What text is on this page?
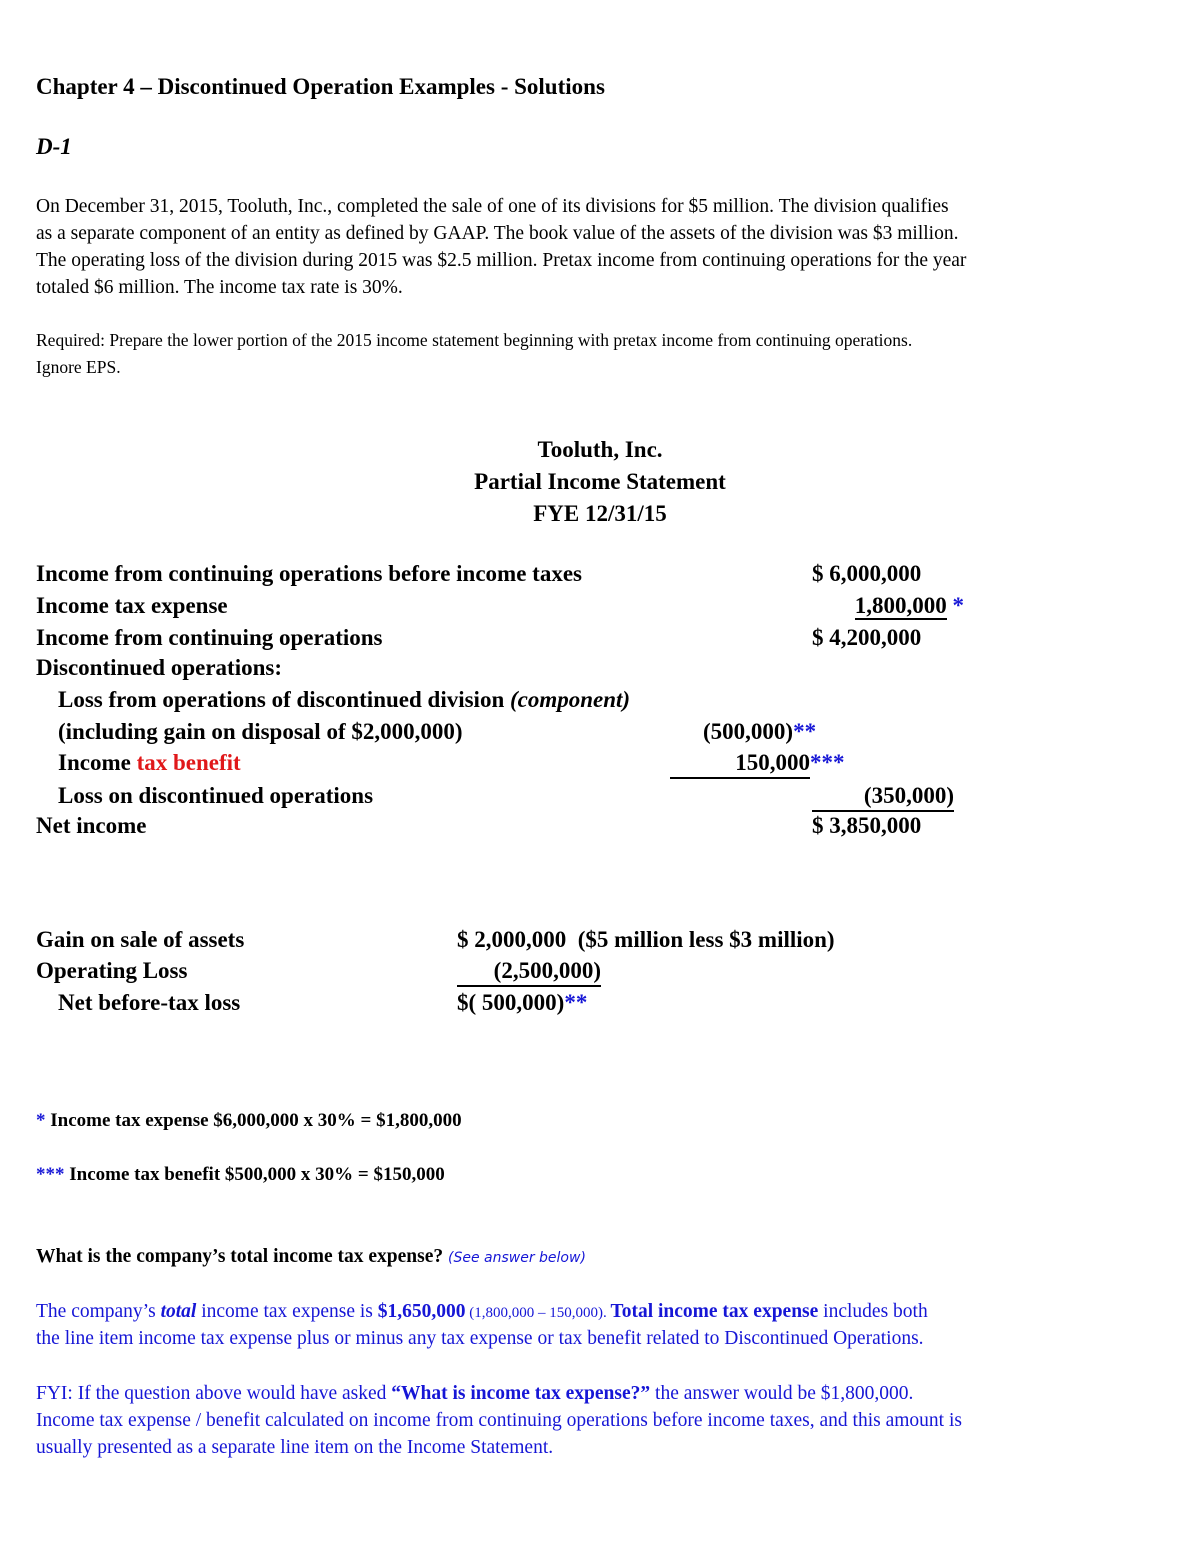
Chapter 4 – Discontinued Operation Examples - Solutions
D-1
On December 31, 2015, Tooluth, Inc., completed the sale of one of its divisions for $5 million. The division qualifies
as a separate component of an entity as defined by GAAP. The book value of the assets of the division was $3 million.
The operating loss of the division during 2015 was $2.5 million. Pretax income from continuing operations for the year
totaled $6 million. The income tax rate is 30%.
Required: Prepare the lower portion of the 2015 income statement beginning with pretax income from continuing operations.
Ignore EPS.
Tooluth, Inc.
Partial Income Statement
FYE 12/31/15
Income from continuing operations before income taxes	$ 6,000,000
Income tax expense	1,800,000 *
Income from continuing operations	$ 4,200,000
Discontinued operations:
Loss from operations of discontinued division (component)
(including gain on disposal of $2,000,000)	(500,000)**
Income tax benefit	150,000 ***
Loss on discontinued operations	(350,000)
Net income	$ 3,850,000
Gain on sale of assets	$ 2,000,000 ($5 million less $3 million)
Operating Loss	(2,500,000)
Net before-tax loss	$( 500,000)**
* Income tax expense $6,000,000 x 30% = $1,800,000
*** Income tax benefit $500,000 x 30% = $150,000
What is the company’s total income tax expense? (See answer below)
The company’s total income tax expense is $1,650,000 (1,800,000 – 150,000). Total income tax expense includes both
the line item income tax expense plus or minus any tax expense or tax benefit related to Discontinued Operations.
FYI: If the question above would have asked “What is income tax expense?” the answer would be $1,800,000.
Income tax expense / benefit calculated on income from continuing operations before income taxes, and this amount is
usually presented as a separate line item on the Income Statement.
